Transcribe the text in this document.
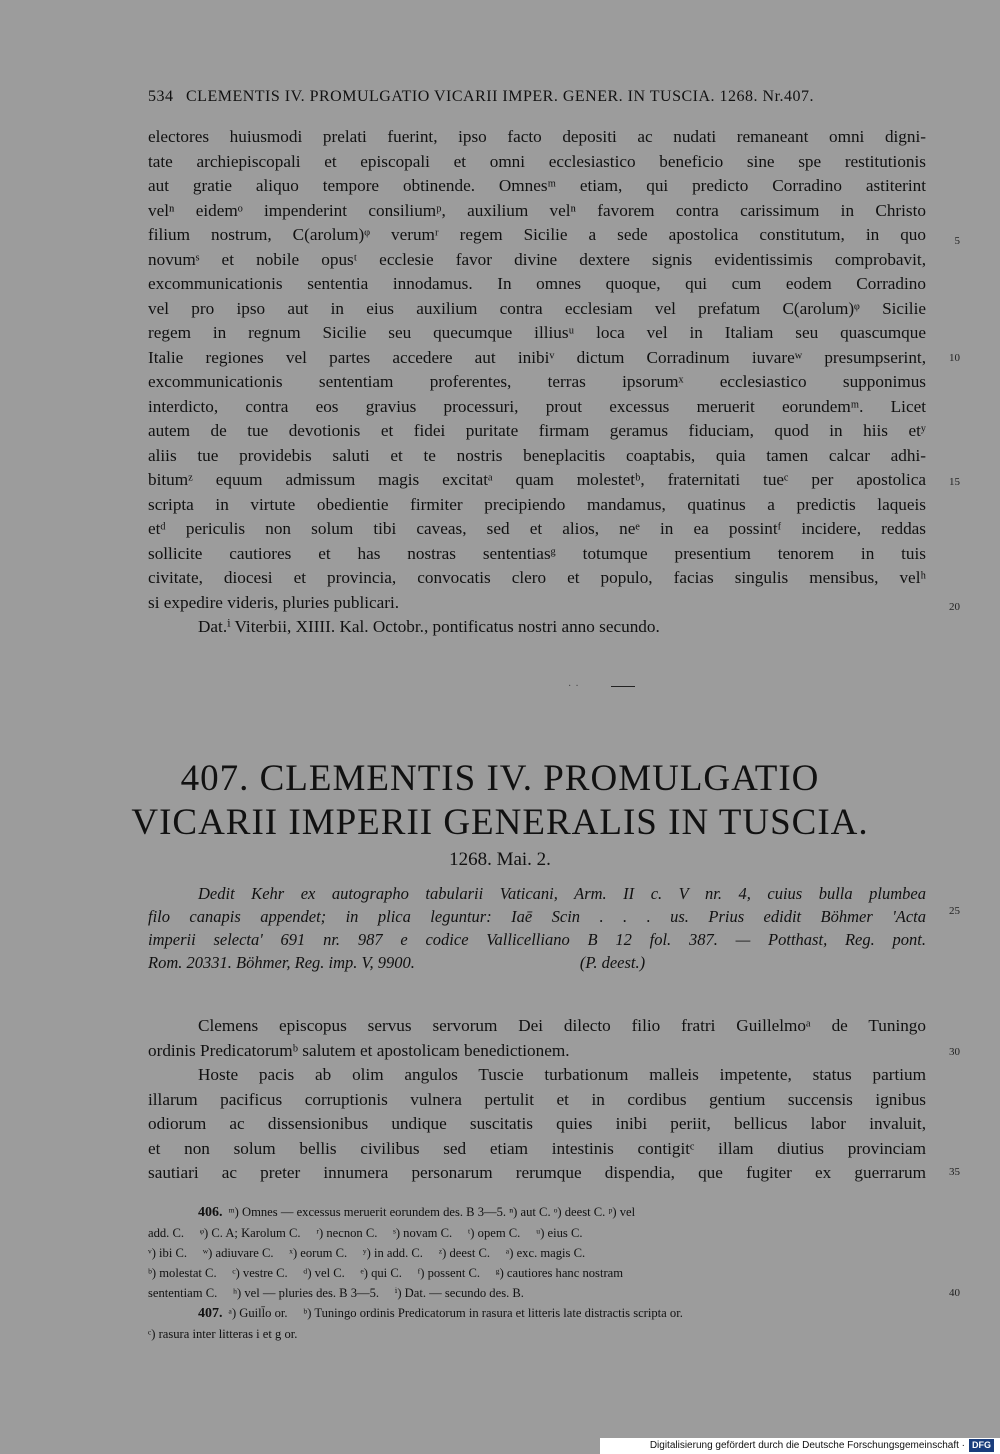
534 CLEMENTIS IV. PROMULGATIO VICARII IMPER. GENER. IN TUSCIA. 1268. Nr.407.
electores huiusmodi prelati fuerint, ipso facto depositi ac nudati remaneant omni digni-
tate archiepiscopali et episcopali et omni ecclesiastico beneficio sine spe restitutionis
aut gratie aliquo tempore obtinende. Omnesᵐ etiam, qui predicto Corradino astiterint
velⁿ eidemᵒ impenderint consiliumᵖ, auxilium velⁿ favorem contra carissimum in Christo
filium nostrum, C(arolum)ᵠ verumʳ regem Sicilie a sede apostolica constitutum, in quo
novumˢ et nobile opusᵗ ecclesie favor divine dextere signis evidentissimis comprobavit,
excommunicationis sententia innodamus. In omnes quoque, qui cum eodem Corradino
vel pro ipso aut in eius auxilium contra ecclesiam vel prefatum C(arolum)ᵠ Sicilie
regem in regnum Sicilie seu quecumque illiusᵘ loca vel in Italiam seu quascumque
Italie regiones vel partes accedere aut inibiᵛ dictum Corradinum iuvareʷ presumpserint,
excommunicationis sententiam proferentes, terras ipsorumˣ ecclesiastico supponimus
interdicto, contra eos gravius processuri, prout excessus meruerit eorundemᵐ. Licet
autem de tue devotionis et fidei puritate firmam geramus fiduciam, quod in hiis etʸ
aliis tue providebis saluti et te nostris beneplacitis coaptabis, quia tamen calcar adhi-
bitumᶻ equum admissum magis excitatᵃ quam molestetᵇ, fraternitati tueᶜ per apostolica
scripta in virtute obedientie firmiter precipiendo mandamus, quatinus a predictis laqueis
etᵈ periculis non solum tibi caveas, sed et alios, neᵉ in ea possintᶠ incidere, reddas
sollicite cautiores et has nostras sententiasᵍ totumque presentium tenorem in tuis
civitate, diocesi et provincia, convocatis clero et populo, facias singulis mensibus, velʰ
si expedire videris, pluries publicari.
Dat.ⁱ Viterbii, XIIII. Kal. Octobr., pontificatus nostri anno secundo.
5
10
15
20
··
407. CLEMENTIS IV. PROMULGATIO
VICARII IMPERII GENERALIS IN TUSCIA.
1268. Mai. 2.
Dedit Kehr ex autographo tabularii Vaticani, Arm. II c. V nr. 4, cuius bulla plumbea
filo canapis appendet; in plica leguntur: Iaē Scin . . . us. Prius edidit Böhmer 'Acta
imperii selecta' 691 nr. 987 e codice Vallicelliano B 12 fol. 387. — Potthast, Reg. pont.
Rom. 20331. Böhmer, Reg. imp. V, 9900.                                        (P. deest.)
25
Clemens episcopus servus servorum Dei dilecto filio fratri Guillelmoᵃ de Tuningo
ordinis Predicatorumᵇ salutem et apostolicam benedictionem.
Hoste pacis ab olim angulos Tuscie turbationum malleis impetente, status partium
illarum pacificus corruptionis vulnera pertulit et in cordibus gentium succensis ignibus
odiorum ac dissensionibus undique suscitatis quies inibi periit, bellicus labor invaluit,
et non solum bellis civilibus sed etiam intestinis contigitᶜ illam diutius provinciam
sautiari ac preter innumera personarum rerumque dispendia, que fugiter ex guerrarum
30
35
406. ᵐ) Omnes — excessus meruerit eorundem des. B 3—5. ⁿ) aut C. ᵒ) deest C. ᵖ) vel
add. C.     ᵠ) C. A; Karolum C.     ʳ) necnon C.     ˢ) novam C.     ᵗ) opem C.     ᵘ) eius C.
ᵛ) ibi C.     ʷ) adiuvare C.     ˣ) eorum C.     ʸ) in add. C.     ᶻ) deest C.     ᵃ) exc. magis C.
ᵇ) molestat C.     ᶜ) vestre C.     ᵈ) vel C.     ᵉ) qui C.     ᶠ) possent C.     ᵍ) cautiores hanc nostram
sententiam C.     ʰ) vel — pluries des. B 3—5.     ⁱ) Dat. — secundo des. B.
407. ᵃ) Guill̄o or.     ᵇ) Tuningo ordinis Predicatorum in rasura et litteris late distractis scripta or.
ᶜ) rasura inter litteras i et g or.
40
Digitalisierung gefördert durch die Deutsche Forschungsgemeinschaft · DFG
